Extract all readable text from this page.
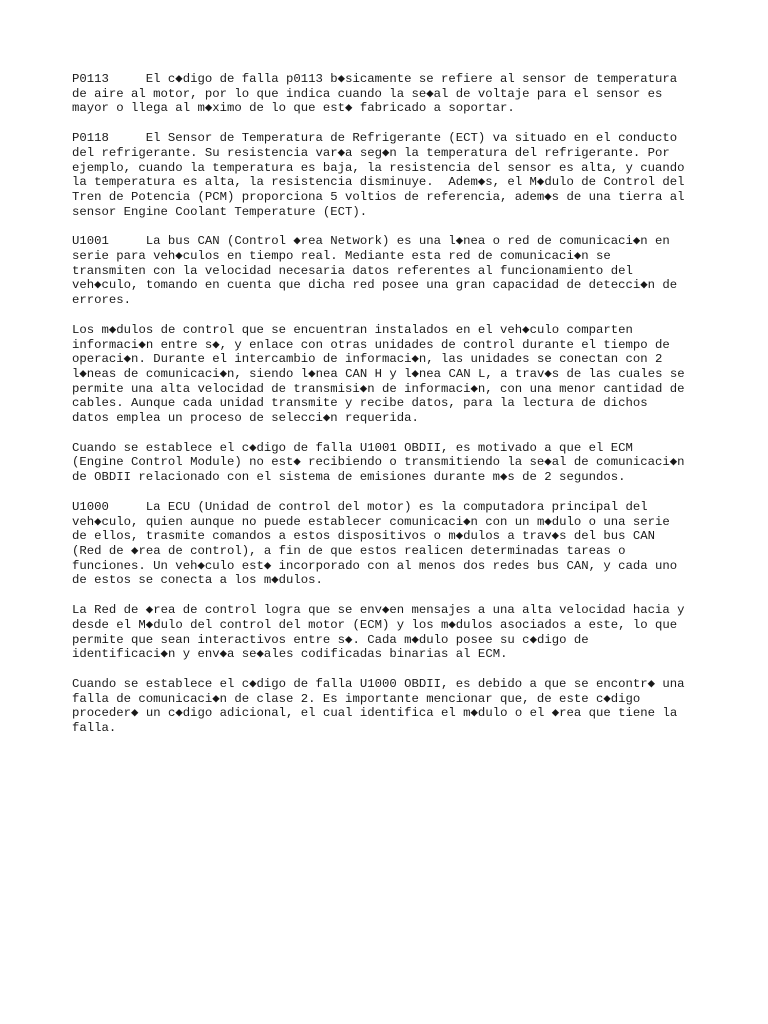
P0113     El c◆digo de falla p0113 b◆sicamente se refiere al sensor de temperatura
de aire al motor, por lo que indica cuando la se◆al de voltaje para el sensor es
mayor o llega al m◆ximo de lo que est◆ fabricado a soportar.

P0118     El Sensor de Temperatura de Refrigerante (ECT) va situado en el conducto
del refrigerante. Su resistencia var◆a seg◆n la temperatura del refrigerante. Por
ejemplo, cuando la temperatura es baja, la resistencia del sensor es alta, y cuando
la temperatura es alta, la resistencia disminuye.  Adem◆s, el M◆dulo de Control del
Tren de Potencia (PCM) proporciona 5 voltios de referencia, adem◆s de una tierra al
sensor Engine Coolant Temperature (ECT).

U1001     La bus CAN (Control ◆rea Network) es una l◆nea o red de comunicaci◆n en
serie para veh◆culos en tiempo real. Mediante esta red de comunicaci◆n se
transmiten con la velocidad necesaria datos referentes al funcionamiento del
veh◆culo, tomando en cuenta que dicha red posee una gran capacidad de detecci◆n de
errores.

Los m◆dulos de control que se encuentran instalados en el veh◆culo comparten
informaci◆n entre s◆, y enlace con otras unidades de control durante el tiempo de
operaci◆n. Durante el intercambio de informaci◆n, las unidades se conectan con 2
l◆neas de comunicaci◆n, siendo l◆nea CAN H y l◆nea CAN L, a trav◆s de las cuales se
permite una alta velocidad de transmisi◆n de informaci◆n, con una menor cantidad de
cables. Aunque cada unidad transmite y recibe datos, para la lectura de dichos
datos emplea un proceso de selecci◆n requerida.

Cuando se establece el c◆digo de falla U1001 OBDII, es motivado a que el ECM
(Engine Control Module) no est◆ recibiendo o transmitiendo la se◆al de comunicaci◆n
de OBDII relacionado con el sistema de emisiones durante m◆s de 2 segundos.

U1000     La ECU (Unidad de control del motor) es la computadora principal del
veh◆culo, quien aunque no puede establecer comunicaci◆n con un m◆dulo o una serie
de ellos, trasmite comandos a estos dispositivos o m◆dulos a trav◆s del bus CAN
(Red de ◆rea de control), a fin de que estos realicen determinadas tareas o
funciones. Un veh◆culo est◆ incorporado con al menos dos redes bus CAN, y cada uno
de estos se conecta a los m◆dulos.

La Red de ◆rea de control logra que se env◆en mensajes a una alta velocidad hacia y
desde el M◆dulo del control del motor (ECM) y los m◆dulos asociados a este, lo que
permite que sean interactivos entre s◆. Cada m◆dulo posee su c◆digo de
identificaci◆n y env◆a se◆ales codificadas binarias al ECM.

Cuando se establece el c◆digo de falla U1000 OBDII, es debido a que se encontr◆ una
falla de comunicaci◆n de clase 2. Es importante mencionar que, de este c◆digo
proceder◆ un c◆digo adicional, el cual identifica el m◆dulo o el ◆rea que tiene la
falla.
